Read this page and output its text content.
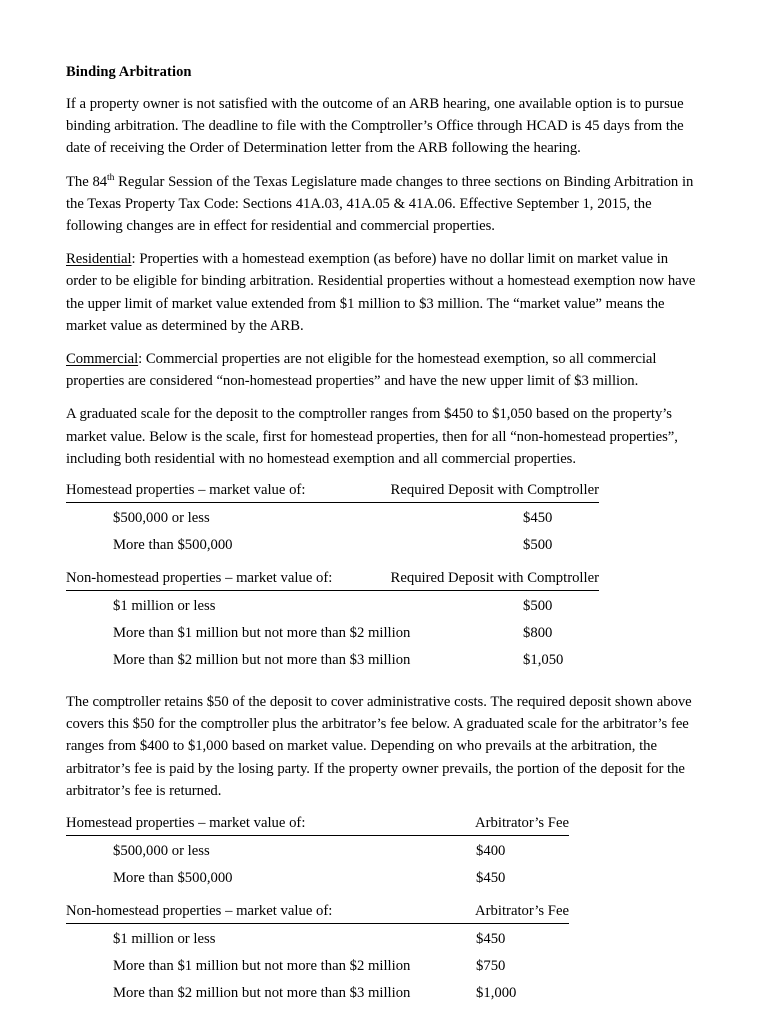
Binding Arbitration

If a property owner is not satisfied with the outcome of an ARB hearing, one available option is to pursue binding arbitration. The deadline to file with the Comptroller’s Office through HCAD is 45 days from the date of receiving the Order of Determination letter from the ARB following the hearing.

The 84th Regular Session of the Texas Legislature made changes to three sections on Binding Arbitration in the Texas Property Tax Code: Sections 41A.03, 41A.05 & 41A.06. Effective September 1, 2015, the following changes are in effect for residential and commercial properties.

Residential: Properties with a homestead exemption (as before) have no dollar limit on market value in order to be eligible for binding arbitration. Residential properties without a homestead exemption now have the upper limit of market value extended from $1 million to $3 million. The “market value” means the market value as determined by the ARB.

Commercial: Commercial properties are not eligible for the homestead exemption, so all commercial properties are considered “non-homestead properties” and have the new upper limit of $3 million.

A graduated scale for the deposit to the comptroller ranges from $450 to $1,050 based on the property’s market value. Below is the scale, first for homestead properties, then for all “non-homestead properties”, including both residential with no homestead exemption and all commercial properties.

Homestead properties – market value of:	Required Deposit with Comptroller
$500,000 or less	$450
More than $500,000	$500
Non-homestead properties – market value of:	Required Deposit with Comptroller
$1 million or less	$500
More than $1 million but not more than $2 million	$800
More than $2 million but not more than $3 million	$1,050

The comptroller retains $50 of the deposit to cover administrative costs. The required deposit shown above covers this $50 for the comptroller plus the arbitrator’s fee below. A graduated scale for the arbitrator’s fee ranges from $400 to $1,000 based on market value. Depending on who prevails at the arbitration, the arbitrator’s fee is paid by the losing party. If the property owner prevails, the portion of the deposit for the arbitrator’s fee is returned.

Homestead properties – market value of:	Arbitrator’s Fee
$500,000 or less	$400
More than $500,000	$450
Non-homestead properties – market value of:	Arbitrator’s Fee
$1 million or less	$450
More than $1 million but not more than $2 million	$750
More than $2 million but not more than $3 million	$1,000
